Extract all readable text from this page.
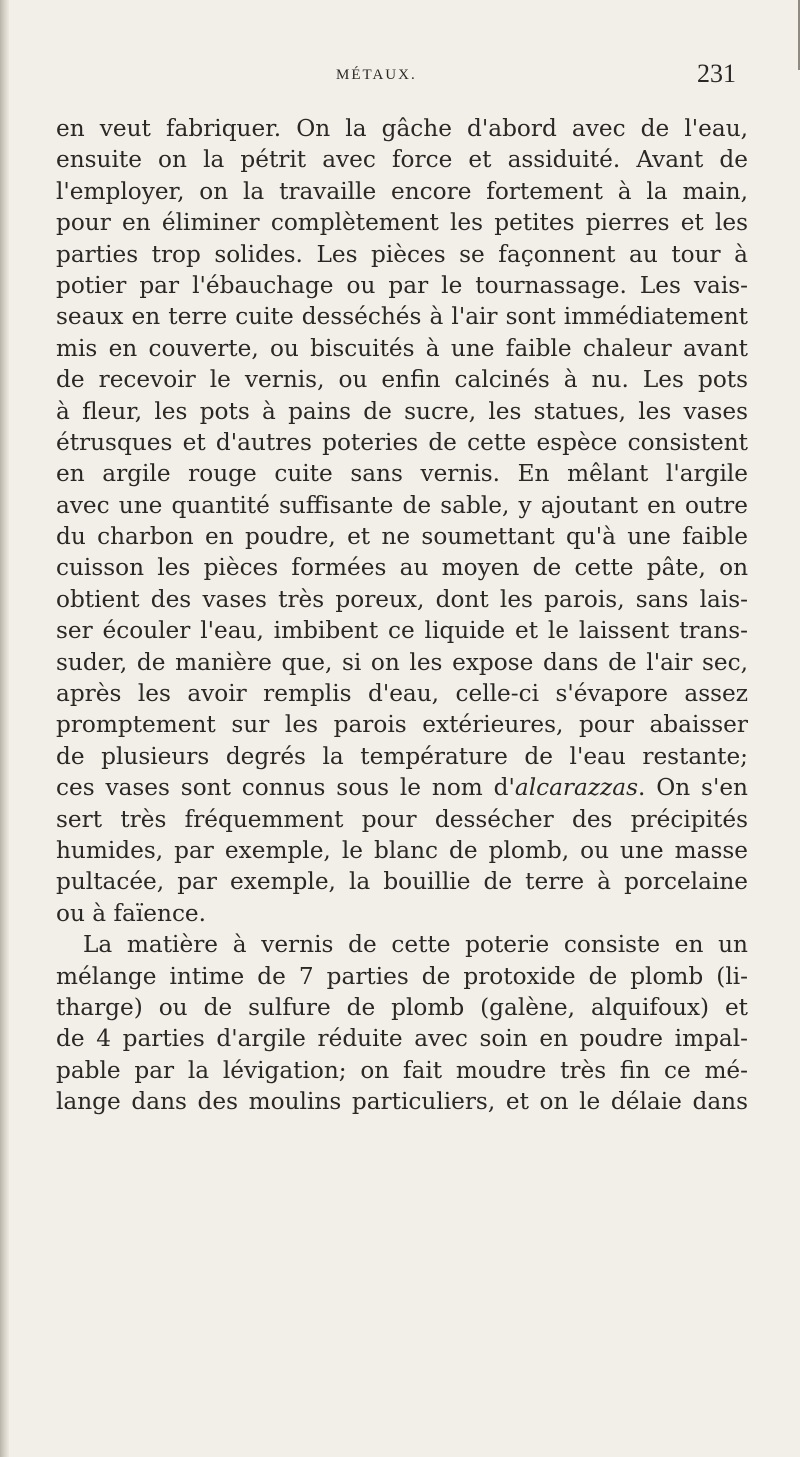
MÉTAUX.	231
en veut fabriquer. On la gâche d'abord avec de l'eau,
ensuite on la pétrit avec force et assiduité. Avant de
l'employer, on la travaille encore fortement à la main,
pour en éliminer complètement les petites pierres et les
parties trop solides. Les pièces se façonnent au tour à
potier par l'ébauchage ou par le tournassage. Les vais-
seaux en terre cuite desséchés à l'air sont immédiatement
mis en couverte, ou biscuités à une faible chaleur avant
de recevoir le vernis, ou enfin calcinés à nu. Les pots
à fleur, les pots à pains de sucre, les statues, les vases
étrusques et d'autres poteries de cette espèce consistent
en argile rouge cuite sans vernis. En mêlant l'argile
avec une quantité suffisante de sable, y ajoutant en outre
du charbon en poudre, et ne soumettant qu'à une faible
cuisson les pièces formées au moyen de cette pâte, on
obtient des vases très poreux, dont les parois, sans lais-
ser écouler l'eau, imbibent ce liquide et le laissent trans-
suder, de manière que, si on les expose dans de l'air sec,
après les avoir remplis d'eau, celle-ci s'évapore assez
promptement sur les parois extérieures, pour abaisser
de plusieurs degrés la température de l'eau restante;
ces vases sont connus sous le nom d'alcarazzas. On s'en
sert très fréquemment pour dessécher des précipités
humides, par exemple, le blanc de plomb, ou une masse
pultacée, par exemple, la bouillie de terre à porcelaine
ou à faïence.
La matière à vernis de cette poterie consiste en un
mélange intime de 7 parties de protoxide de plomb (li-
tharge) ou de sulfure de plomb (galène, alquifoux) et
de 4 parties d'argile réduite avec soin en poudre impal-
pable par la lévigation; on fait moudre très fin ce mé-
lange dans des moulins particuliers, et on le délaie dans
